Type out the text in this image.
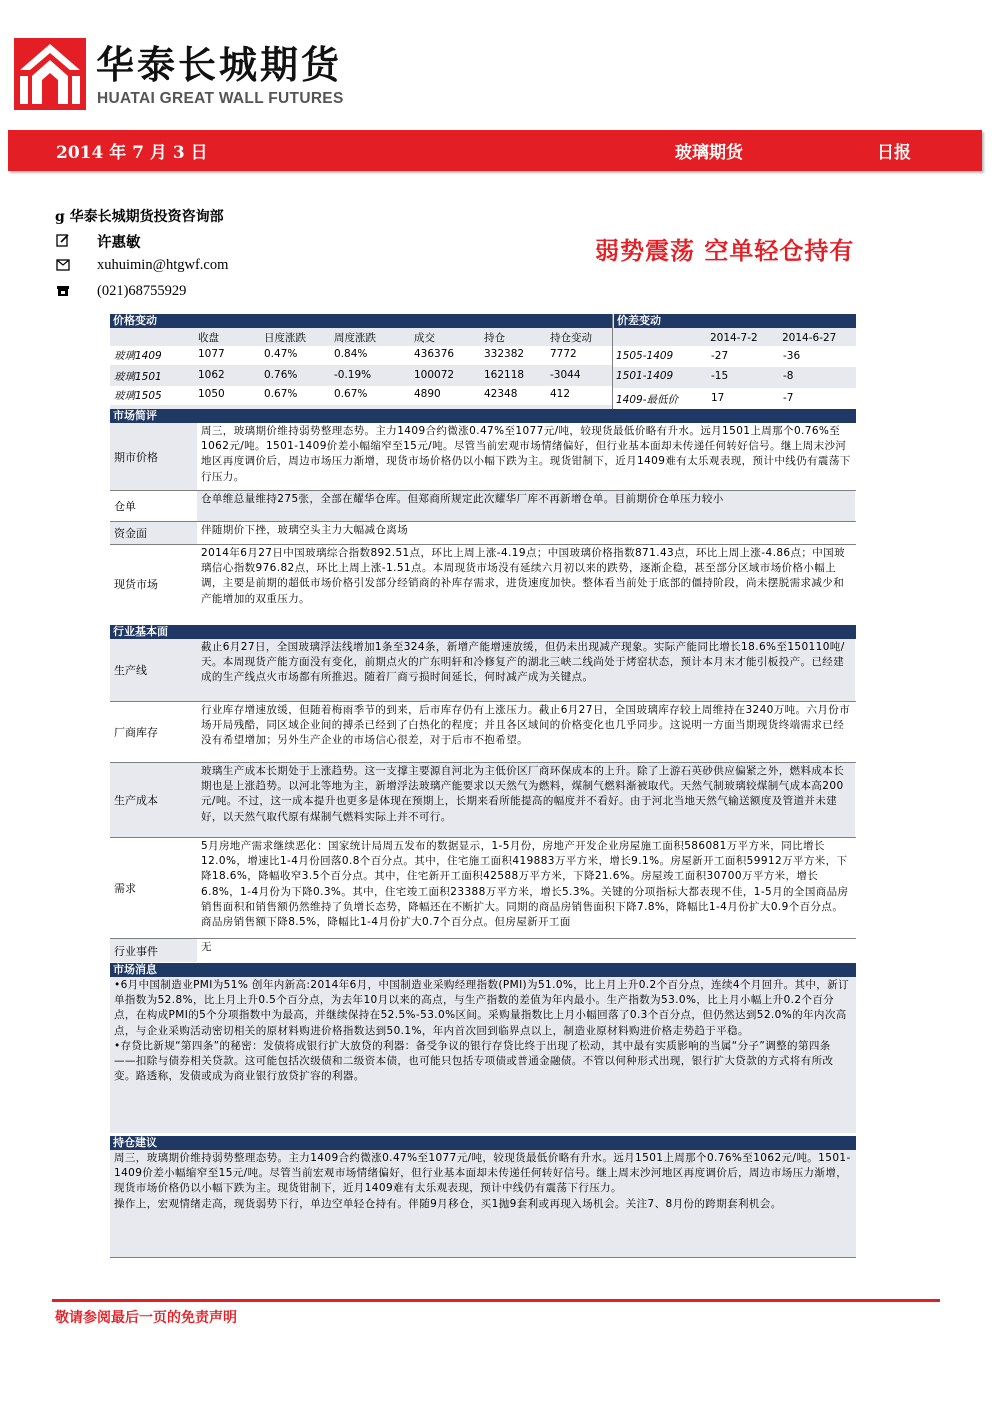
华泰长城期货
HUATAI GREAT WALL FUTURES
2014 年 7 月 3 日	玻璃期货	日报
g 华泰长城期货投资咨询部
许惠敏
xuhuimin@htgwf.com
(021)68755929
弱势震荡 空单轻仓持有
价格变动	价差变动
收盘	日度涨跌	周度涨跌	成交	持仓	持仓变动	2014-7-2 2014-6-27
玻璃1409	1077	0.47%	0.84%	436376	332382 7772
玻璃1501	1062	0.76%	-0.19%	100072	162118 -3044
玻璃1505	1050	0.67%	0.67%	4890	42348	412
1505-1409	-27	-36
1501-1409	-15	-8
1409-最低价	17	-7
市场简评
期市价格
周三，玻璃期价维持弱势整理态势。主力1409合约微涨0.47%至1077元/吨，较现货最低价略有升水。远月1501上周那个0.76%至1062元/吨。1501-1409价差小幅缩窄至15元/吨。尽管当前宏观市场情绪偏好，但行业基本面却未传递任何转好信号。继上周末沙河地区再度调价后，周边市场压力渐增，现货市场价格仍以小幅下跌为主。现货钳制下，近月1409难有太乐观表现，预计中线仍有震荡下行压力。
仓单
仓单维总量维持275张，全部在耀华仓库。但郑商所规定此次耀华厂库不再新增仓单。目前期价仓单压力较小
资金面	伴随期价下挫，玻璃空头主力大幅减仓离场
现货市场
2014年6月27日中国玻璃综合指数892.51点，环比上周上涨-4.19点；中国玻璃价格指数871.43点，环比上周上涨-4.86点；中国玻璃信心指数976.82点，环比上周上涨-1.51点。本周现货市场没有延续六月初以来的跌势，逐渐企稳，甚至部分区域市场价格小幅上调，主要是前期的超低市场价格引发部分经销商的补库存需求，进货速度加快。整体看当前处于底部的僵持阶段，尚未摆脱需求减少和产能增加的双重压力。
行业基本面
生产线
截止6月27日，全国玻璃浮法线增加1条至324条，新增产能增速放缓，但仍未出现减产现象。实际产能同比增长18.6%至150110吨/天。本周现货产能方面没有变化，前期点火的广东明轩和冷修复产的湖北三峡二线尚处于烤窑状态，预计本月末才能引板投产。已经建成的生产线点火市场都有所推迟。随着厂商亏损时间延长，何时减产成为关键点。
厂商库存
行业库存增速放缓，但随着梅雨季节的到来，后市库存仍有上涨压力。截止6月27日，全国玻璃库存较上周维持在3240万吨。六月份市场开局残酷，同区域企业间的搏杀已经到了白热化的程度；并且各区域间的价格变化也几乎同步。这说明一方面当期现货终端需求已经没有希望增加；另外生产企业的市场信心很差，对于后市不抱希望。
生产成本
玻璃生产成本长期处于上涨趋势。这一支撑主要源自河北为主低价区厂商环保成本的上升。除了上游石英砂供应偏紧之外，燃料成本长期也是上涨趋势。以河北等地为主，新增浮法玻璃产能要求以天然气为燃料，煤制气燃料渐被取代。天然气制玻璃较煤制气成本高200元/吨。不过，这一成本提升也更多是体现在预期上，长期来看所能提高的幅度并不看好。由于河北当地天然气输送额度及管道并未建好，以天然气取代原有煤制气燃料实际上并不可行。
需求
5月房地产需求继续恶化：国家统计局周五发布的数据显示，1-5月份，房地产开发企业房屋施工面积586081万平方米，同比增长12.0%，增速比1-4月份回落0.8个百分点。其中，住宅施工面积419883万平方米，增长9.1%。房屋新开工面积59912万平方米，下降18.6%，降幅收窄3.5个百分点。其中，住宅新开工面积42588万平方米，下降21.6%。房屋竣工面积30700万平方米，增长6.8%，1-4月份为下降0.3%。其中，住宅竣工面积23388万平方米，增长5.3%。关键的分项指标大都表现不佳，1-5月的全国商品房销售面积和销售额仍然维持了负增长态势，降幅还在不断扩大。同期的商品房销售面积下降7.8%，降幅比1-4月份扩大0.9个百分点。商品房销售额下降8.5%，降幅比1-4月份扩大0.7个百分点。但房屋新开工面
行业事件	无
市场消息
•6月中国制造业PMI为51% 创年内新高:2014年6月，中国制造业采购经理指数(PMI)为51.0%，比上月上升0.2个百分点，连续4个月回升。其中，新订单指数为52.8%，比上月上升0.5个百分点，为去年10月以来的高点，与生产指数的差值为年内最小。生产指数为53.0%，比上月小幅上升0.2个百分点，在构成PMI的5个分项指数中为最高，并继续保持在52.5%-53.0%区间。采购量指数比上月小幅回落了0.3个百分点，但仍然达到52.0%的年内次高点，与企业采购活动密切相关的原材料购进价格指数达到50.1%，年内首次回到临界点以上，制造业原材料购进价格走势趋于平稳。
•存贷比新规“第四条”的秘密：发债将成银行扩大放贷的利器：备受争议的银行存贷比终于出现了松动，其中最有实质影响的当属“分子”调整的第四条——扣除与债券相关贷款。这可能包括次级债和二级资本债，也可能只包括专项债或普通金融债。不管以何种形式出现，银行扩大贷款的方式将有所改变。路透称，发债或成为商业银行放贷扩容的利器。
持仓建议
周三，玻璃期价维持弱势整理态势。主力1409合约微涨0.47%至1077元/吨，较现货最低价略有升水。远月1501上周那个0.76%至1062元/吨。1501-1409价差小幅缩窄至15元/吨。尽管当前宏观市场情绪偏好，但行业基本面却未传递任何转好信号。继上周末沙河地区再度调价后，周边市场压力渐增，现货市场价格仍以小幅下跌为主。现货钳制下，近月1409难有太乐观表现，预计中线仍有震荡下行压力。
操作上，宏观情绪走高，现货弱势下行，单边空单轻仓持有。伴随9月移仓，买1抛9套利或再现入场机会。关注7、8月份的跨期套利机会。
敬请参阅最后一页的免责声明
